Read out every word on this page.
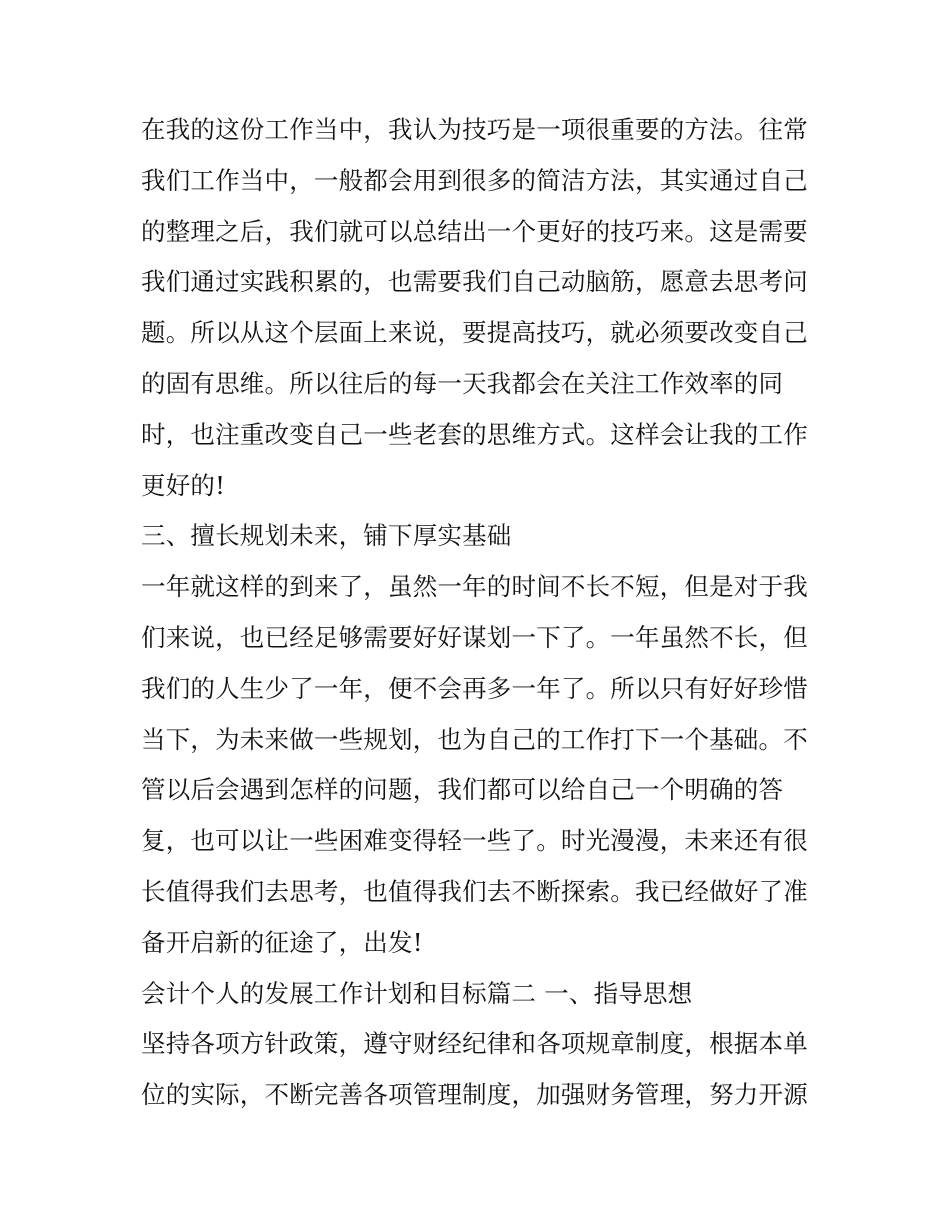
在我的这份工作当中，我认为技巧是一项很重要的方法。往常
我们工作当中，一般都会用到很多的简洁方法，其实通过自己
的整理之后，我们就可以总结出一个更好的技巧来。这是需要
我们通过实践积累的，也需要我们自己动脑筋，愿意去思考问
题。所以从这个层面上来说，要提高技巧，就必须要改变自己
的固有思维。所以往后的每一天我都会在关注工作效率的同
时，也注重改变自己一些老套的思维方式。这样会让我的工作
更好的!
三、擅长规划未来，铺下厚实基础
一年就这样的到来了，虽然一年的时间不长不短，但是对于我
们来说，也已经足够需要好好谋划一下了。一年虽然不长，但
我们的人生少了一年，便不会再多一年了。所以只有好好珍惜
当下，为未来做一些规划，也为自己的工作打下一个基础。不
管以后会遇到怎样的问题，我们都可以给自己一个明确的答
复，也可以让一些困难变得轻一些了。时光漫漫，未来还有很
长值得我们去思考，也值得我们去不断探索。我已经做好了准
备开启新的征途了，出发!
会计个人的发展工作计划和目标篇二 一、指导思想
坚持各项方针政策，遵守财经纪律和各项规章制度，根据本单
位的实际，不断完善各项管理制度，加强财务管理，努力开源
